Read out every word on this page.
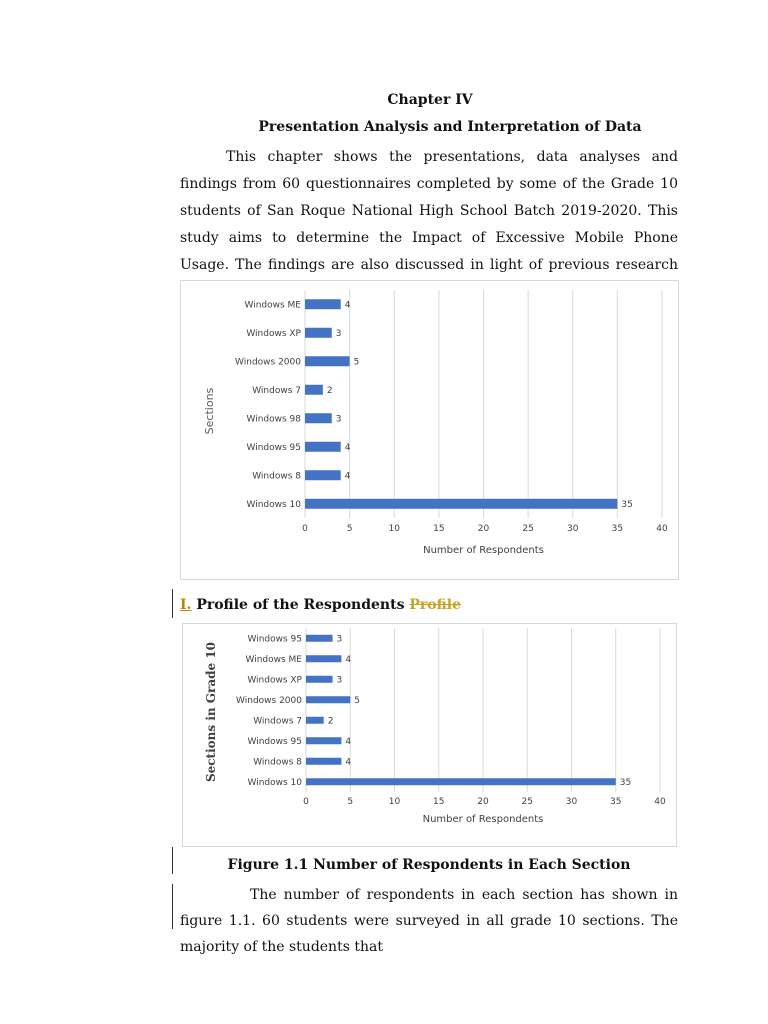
Chapter IV
Presentation Analysis and Interpretation of Data

This chapter shows the presentations, data analyses and findings from 60 questionnaires completed by some of the Grade 10 students of San Roque National High School Batch 2019-2020. This study aims to determine the Impact of Excessive Mobile Phone Usage. The findings are also discussed in light of previous research

0	5	10	15	20	25	30	35	40
Windows ME	4
Windows XP	3
Windows 2000	5
Windows 7	2
Windows 98	3
Windows 95	4
Windows 8	4
Windows 10	35
Number of Respondents
Sections
I. Profile of the Respondents Profile
0	5	10	15	20	25	30	35	40
Windows 95	3
Windows ME	4
Windows XP	3
Windows 2000	5
Windows 7	2
Windows 95	4
Windows 8	4
Windows 10	35
Number of Respondents
Sections in Grade 10
Figure 1.1 Number of Respondents in Each Section

The number of respondents in each section has shown in figure 1.1. 60 students were surveyed in all grade 10 sections. The majority of the students that
